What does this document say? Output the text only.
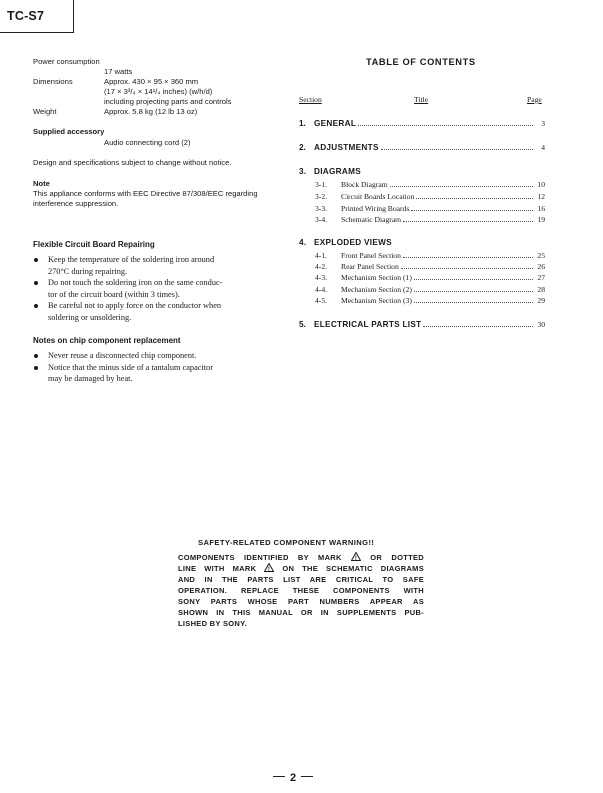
TC-S7
Power consumption
17 watts
Dimensions	Approx. 430 × 95 × 360 mm
(17 × 3³/₄ × 14¹/₄ inches) (w/h/d)
including projecting parts and controls
Weight	Approx. 5.8 kg (12 lb 13 oz)
Supplied accessory
Audio connecting cord (2)
Design and specifications subject to change without notice.
Note
This appliance conforms with EEC Directive 87/308/EEC regarding
interference suppression.
Flexible Circuit Board Repairing
Keep the temperature of the soldering iron around
270°C during repairing.
Do not touch the soldering iron on the same conduc-
tor of the circuit board (within 3 times).
Be careful not to apply force on the conductor when
soldering or unsoldering.
Notes on chip component replacement
Never reuse a disconnected chip component.
Notice that the minus side of a tantalum capacitor
may be damaged by heat.
TABLE OF CONTENTS
Section	Title	Page
1. GENERAL	3
2. ADJUSTMENTS	4
3. DIAGRAMS
3-1.	Block Diagram	10
3-2.	Circuit Boards Location	12
3-3.	Printed Wiring Boards	16
3-4.	Schematic Diagram	19
4. EXPLODED VIEWS
4-1.	Front Panel Section	25
4-2.	Rear Panel Section	26
4-3.	Mechanism Section (1)	27
4-4.	Mechanism Section (2)	28
4-5.	Mechanism Section (3)	29
5. ELECTRICAL PARTS LIST	30
SAFETY-RELATED COMPONENT WARNING!!
COMPONENTS IDENTIFIED BY MARK ! OR DOTTED
LINE WITH MARK ! ON THE SCHEMATIC DIAGRAMS
AND IN THE PARTS LIST ARE CRITICAL TO SAFE
OPERATION. REPLACE THESE COMPONENTS WITH
SONY PARTS WHOSE PART NUMBERS APPEAR AS
SHOWN IN THIS MANUAL OR IN SUPPLEMENTS PUB-
LISHED BY SONY.
2
